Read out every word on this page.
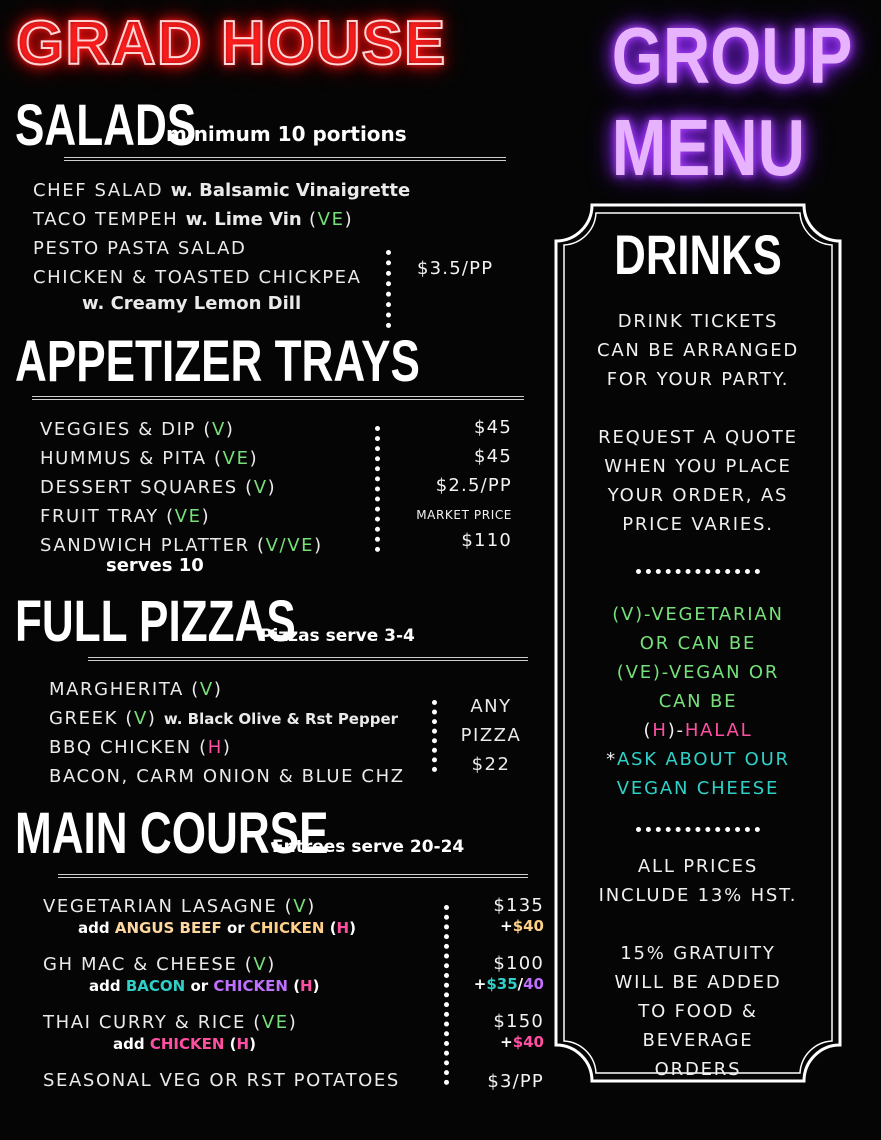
GRAD HOUSE GROUP
MENU
SALADS
minimum 10 portions
CHEF SALAD w. Balsamic Vinaigrette
TACO TEMPEH w. Lime Vin (VE)
PESTO PASTA SALAD
CHICKEN & TOASTED CHICKPEA
w. Creamy Lemon Dill
$3.5/PP
APPETIZER TRAYS
VEGGIES & DIP (V)
HUMMUS & PITA (VE)
DESSERT SQUARES (V)
FRUIT TRAY (VE)
SANDWICH PLATTER (V/VE)
serves 10
$45
$45
$2.5/PP
MARKET PRICE
$110
FULL PIZZAS
Pizzas serve 3-4
MARGHERITA (V)
GREEK (V) w. Black Olive & Rst Pepper
BBQ CHICKEN (H)
BACON, CARM ONION & BLUE CHZ
ANY
PIZZA
$22
MAIN COURSE
Entrees serve 20-24
VEGETARIAN LASAGNE (V)
add ANGUS BEEF or CHICKEN (H)
GH MAC & CHEESE (V)
add BACON or CHICKEN (H)
THAI CURRY & RICE (VE)
add CHICKEN (H)
SEASONAL VEG OR RST POTATOES
$135
+$40
$100
+$35/40
$150
+$40
$3/PP
DRINKS
DRINK TICKETS
CAN BE ARRANGED
FOR YOUR PARTY.
REQUEST A QUOTE
WHEN YOU PLACE
YOUR ORDER, AS
PRICE VARIES.
(V)-VEGETARIAN
OR CAN BE
(VE)-VEGAN OR
CAN BE
(H)-HALAL
*ASK ABOUT OUR
VEGAN CHEESE
ALL PRICES
INCLUDE 13% HST.
15% GRATUITY
WILL BE ADDED
TO FOOD &
BEVERAGE
ORDERS
